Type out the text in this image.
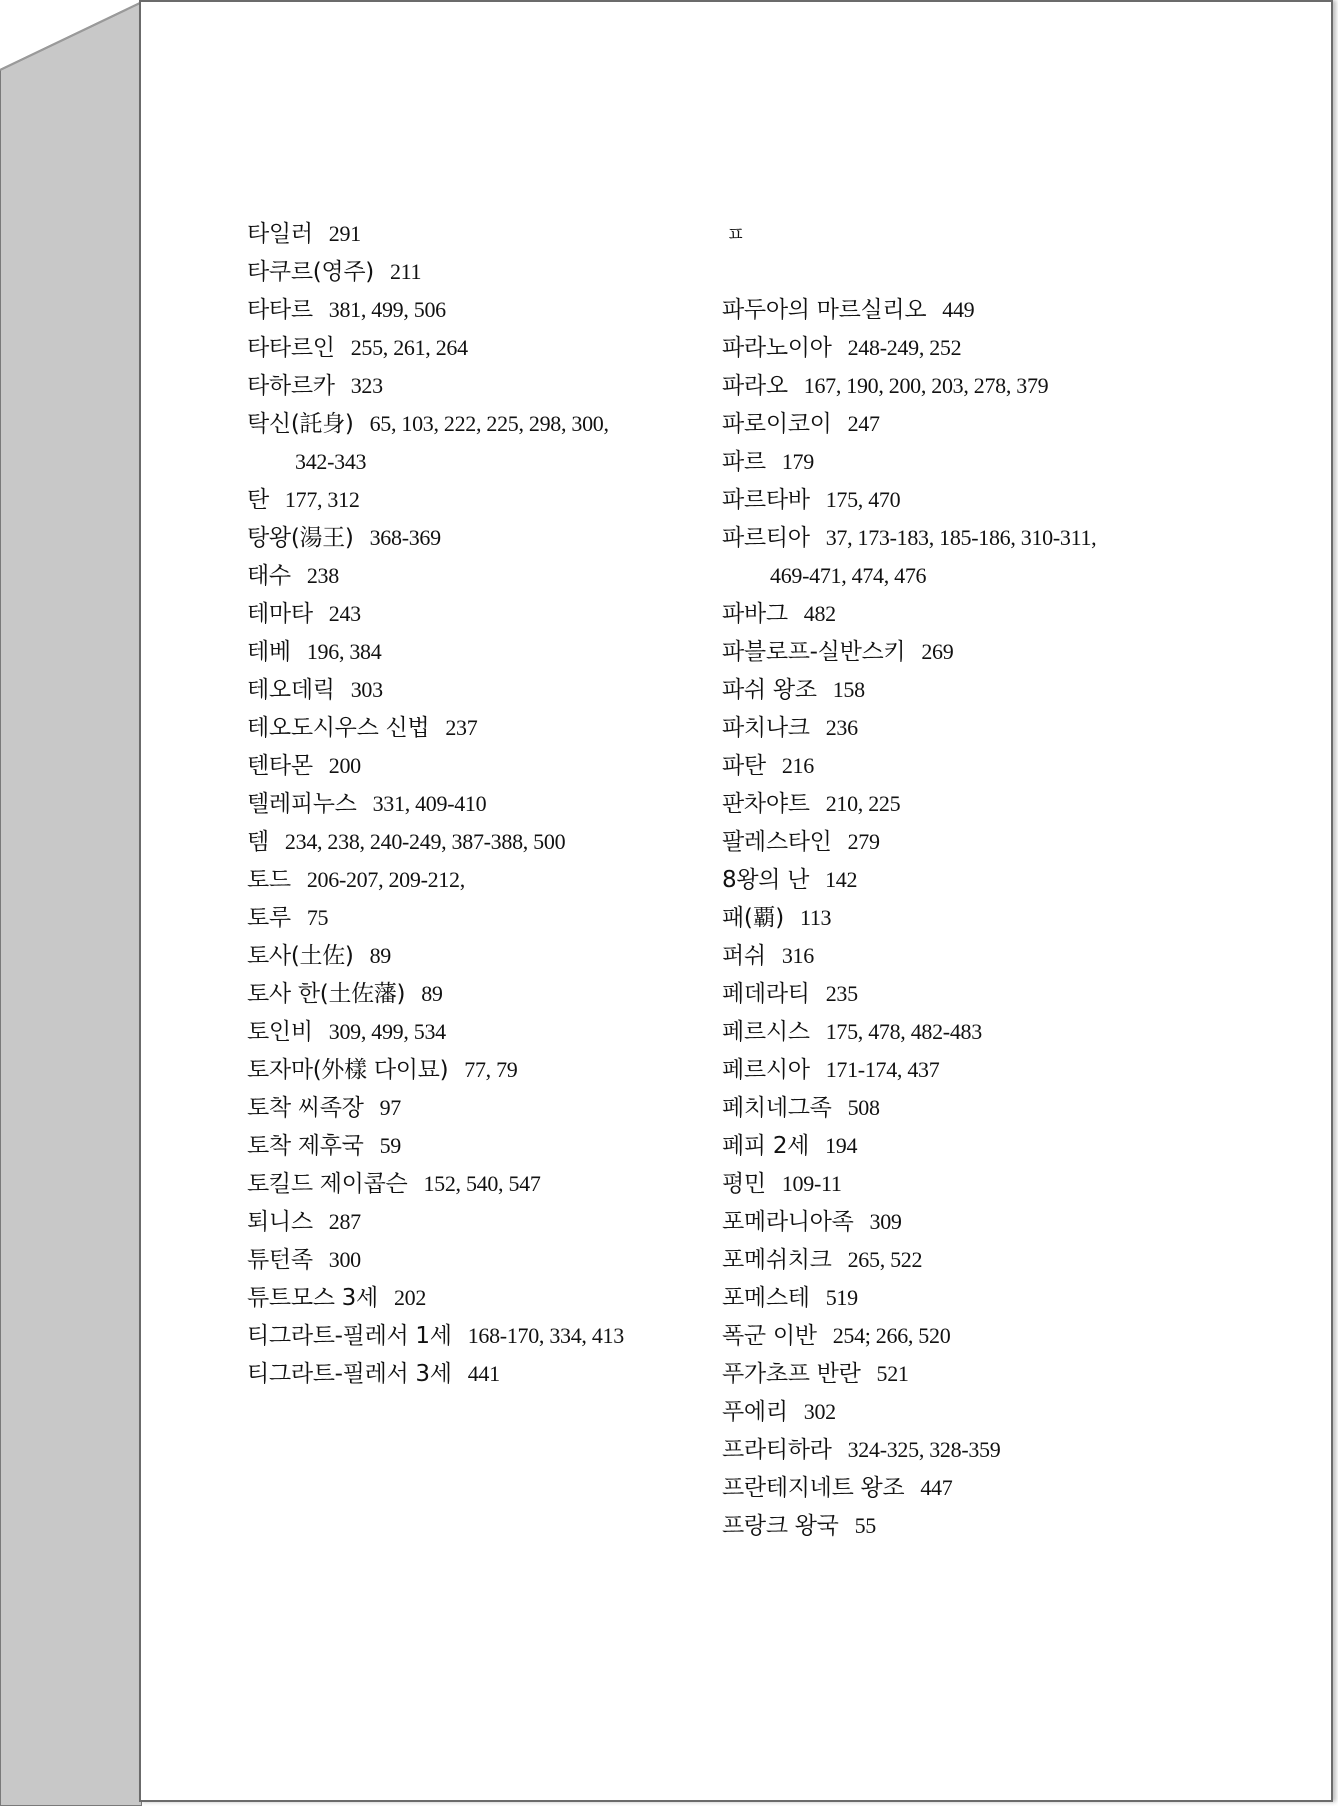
타일러 291
타쿠르(영주) 211
타타르 381, 499, 506
타타르인 255, 261, 264
타하르카 323
탁신(託身) 65, 103, 222, 225, 298, 300,
342-343
탄 177, 312
탕왕(湯王) 368-369
태수 238
테마타 243
테베 196, 384
테오데릭 303
테오도시우스 신법 237
텐타몬 200
텔레피누스 331, 409-410
템 234, 238, 240-249, 387-388, 500
토드 206-207, 209-212,
토루 75
토사(土佐) 89
토사 한(土佐藩) 89
토인비 309, 499, 534
토자마(外樣 다이묘) 77, 79
토착 씨족장 97
토착 제후국 59
토킬드 제이콥슨 152, 540, 547
퇴니스 287
튜턴족 300
튜트모스 3세 202
티그라트-필레서 1세 168-170, 334, 413
티그라트-필레서 3세 441
ㅍ
파두아의 마르실리오 449
파라노이아 248-249, 252
파라오 167, 190, 200, 203, 278, 379
파로이코이 247
파르 179
파르타바 175, 470
파르티아 37, 173-183, 185-186, 310-311,
469-471, 474, 476
파바그 482
파블로프-실반스키 269
파쉬 왕조 158
파치나크 236
파탄 216
판차야트 210, 225
팔레스타인 279
8왕의 난 142
패(覇) 113
퍼쉬 316
페데라티 235
페르시스 175, 478, 482-483
페르시아 171-174, 437
페치네그족 508
페피 2세 194
평민 109-11
포메라니아족 309
포메쉬치크 265, 522
포메스테 519
폭군 이반 254; 266, 520
푸가초프 반란 521
푸에리 302
프라티하라 324-325, 328-359
프란테지네트 왕조 447
프랑크 왕국 55
